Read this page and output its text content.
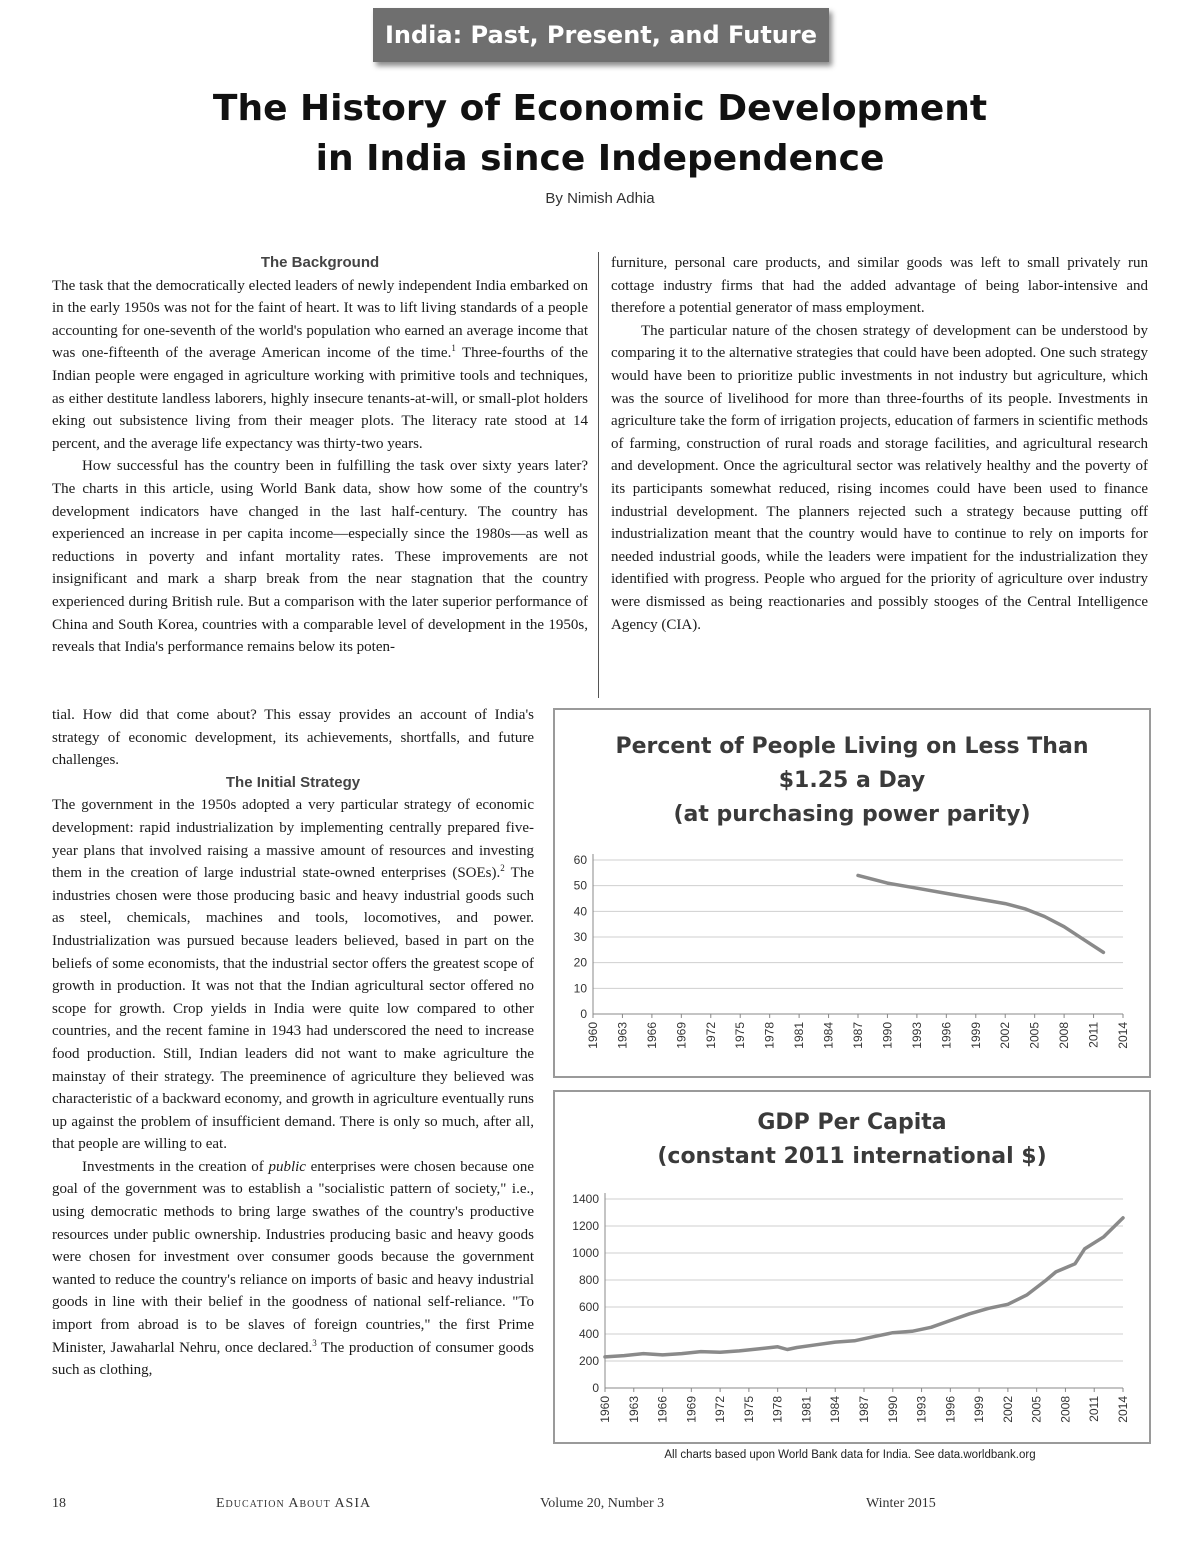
India: Past, Present, and Future
The History of Economic Development
in India since Independence
By Nimish Adhia
The Background

The task that the democratically elected leaders of newly independent India embarked on in the early 1950s was not for the faint of heart. It was to lift living standards of a people accounting for one-seventh of the world's population who earned an average income that was one-fifteenth of the average American income of the time.$^1$ Three-fourths of the Indian people were engaged in agriculture working with primitive tools and techniques, as either destitute landless laborers, highly insecure tenants-at-will, or small-plot holders eking out subsistence living from their meager plots. The literacy rate stood at 14 percent, and the average life expectancy was thirty-two years.

How successful has the country been in fulfilling the task over sixty years later? The charts in this article, using World Bank data, show how some of the country's development indicators have changed in the last half-century. The country has experienced an increase in per capita income—especially since the 1980s—as well as reductions in poverty and infant mortality rates. These improvements are not insignificant and mark a sharp break from the near stagnation that the country experienced during British rule. But a comparison with the later superior performance of China and South Korea, countries with a comparable level of development in the 1950s, reveals that India's performance remains below its poten-

tial. How did that come about? This essay provides an account of India's strategy of economic development, its achievements, shortfalls, and future challenges.

The Initial Strategy

The government in the 1950s adopted a very particular strategy of economic development: rapid industrialization by implementing centrally prepared five-year plans that involved raising a massive amount of resources and investing them in the creation of large industrial state-owned enterprises (SOEs).$^2$ The industries chosen were those producing basic and heavy industrial goods such as steel, chemicals, machines and tools, locomotives, and power. Industrialization was pursued because leaders believed, based in part on the beliefs of some economists, that the industrial sector offers the greatest scope of growth in production. It was not that the Indian agricultural sector offered no scope for growth. Crop yields in India were quite low compared to other countries, and the recent famine in 1943 had underscored the need to increase food production. Still, Indian leaders did not want to make agriculture the mainstay of their strategy. The preeminence of agriculture they believed was characteristic of a backward economy, and growth in agriculture eventually runs up against the problem of insufficient demand. There is only so much, after all, that people are willing to eat.

Investments in the creation of public enterprises were chosen because one goal of the government was to establish a "socialistic pattern of society," i.e., using democratic methods to bring large swathes of the country's productive resources under public ownership. Industries producing basic and heavy goods were chosen for investment over consumer goods because the government wanted to reduce the country's reliance on imports of basic and heavy industrial goods in line with their belief in the goodness of national self-reliance. "To import from abroad is to be slaves of foreign countries," the first Prime Minister, Jawaharlal Nehru, once declared.$^3$ The production of consumer goods such as clothing,

furniture, personal care products, and similar goods was left to small privately run cottage industry firms that had the added advantage of being labor-intensive and therefore a potential generator of mass employment.

The particular nature of the chosen strategy of development can be understood by comparing it to the alternative strategies that could have been adopted. One such strategy would have been to prioritize public investments in not industry but agriculture, which was the source of livelihood for more than three-fourths of its people. Investments in agriculture take the form of irrigation projects, education of farmers in scientific methods of farming, construction of rural roads and storage facilities, and agricultural research and development. Once the agricultural sector was relatively healthy and the poverty of its participants somewhat reduced, rising incomes could have been used to finance industrial development. The planners rejected such a strategy because putting off industrialization meant that the country would have to continue to rely on imports for needed industrial goods, while the leaders were impatient for the industrialization they identified with progress. People who argued for the priority of agriculture over industry were dismissed as being reactionaries and possibly stooges of the Central Intelligence Agency (CIA).

Percent of People Living on Less Than
$1.25 a Day
(at purchasing power parity)
0
10
20
30
40
50
60
1960 1963 1966 1969 1972 1975 1978 1981 1984 1987 1990 1993 1996 1999 2002 2005 2008 2011 2014
GDP Per Capita
(constant 2011 international $)
0
200
400
600
800
1000
1200
1400
1960 1963 1966 1969 1972 1975 1978 1981 1984 1987 1990 1993 1996 1999 2002 2005 2008 2011 2014
All charts based upon World Bank data for India. See data.worldbank.org
18	Education About ASIA	Volume 20, Number 3	Winter 2015
